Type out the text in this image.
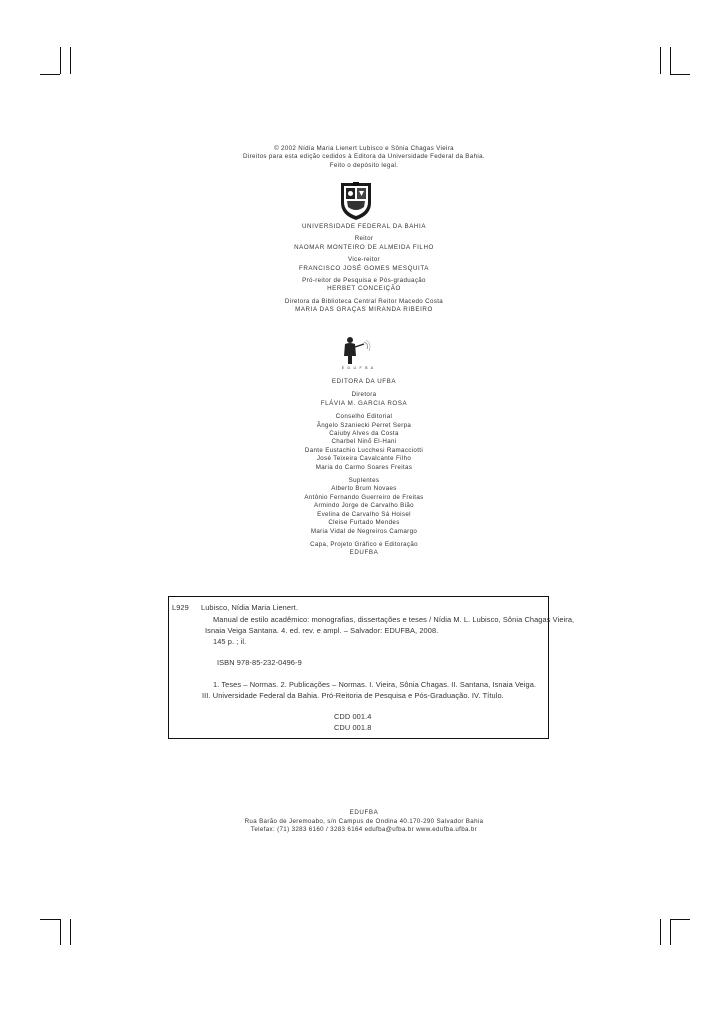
© 2002 Nídia Maria Lienert Lubisco e Sônia Chagas Vieira
Direitos para esta edição cedidos à Editora da Universidade Federal da Bahia.
Feito o depósito legal.
UNIVERSIDADE FEDERAL DA BAHIA
Reitor
NAOMAR MONTEIRO DE ALMEIDA FILHO
Vice-reitor
FRANCISCO JOSÉ GOMES MESQUITA
Pró-reitor de Pesquisa e Pós-graduação
HERBET CONCEIÇÃO
Diretora da Biblioteca Central Reitor Macedo Costa
MARIA DAS GRAÇAS MIRANDA RIBEIRO
E D U F B A
EDITORA DA UFBA
Diretora
FLÁVIA M. GARCIA ROSA
Conselho Editorial
Ângelo Szaniecki Perret Serpa
Caiuby Alves da Costa
Charbel Ninõ El-Hani
Dante Eustachio Lucchesi Ramacciotti
José Teixeira Cavalcante Filho
Maria do Carmo Soares Freitas
Suplentes
Alberto Brum Novaes
Antônio Fernando Guerreiro de Freitas
Armindo Jorge de Carvalho Bião
Evelina de Carvalho Sá Hoisel
Cleise Furtado Mendes
Maria Vidal de Negreiros Camargo
Capa, Projeto Gráfico e Editoração
EDUFBA
L929 Lubisco, Nídia Maria Lienert.
Manual de estilo acadêmico: monografias, dissertações e teses / Nídia M. L. Lubisco, Sônia Chagas Vieira,
Isnaia Veiga Santana. 4. ed. rev. e ampl. – Salvador: EDUFBA, 2008.
145 p. ; il.
ISBN 978-85-232-0496-9
1. Teses – Normas. 2. Publicações – Normas. I. Vieira, Sônia Chagas. II. Santana, Isnaia Veiga.
III. Universidade Federal da Bahia. Pró-Reitoria de Pesquisa e Pós-Graduação. IV. Título.
CDD 001.4
CDU 001.8
EDUFBA
Rua Barão de Jeremoabo, s/n Campus de Ondina 40.170-290 Salvador Bahia
Telefax: (71) 3283 6160 / 3283 6164 edufba@ufba.br www.edufba.ufba.br
